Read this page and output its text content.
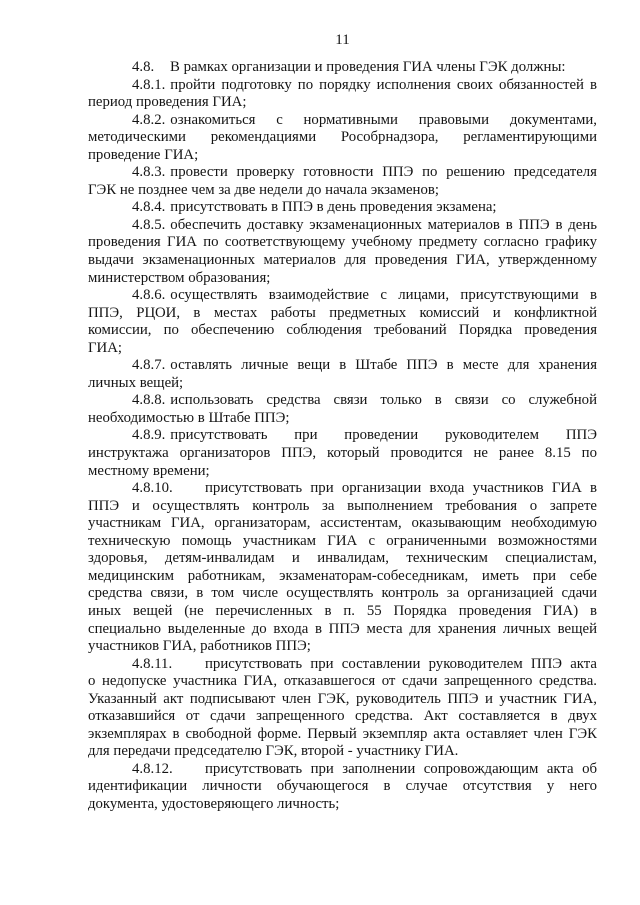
11
4.8. В рамках организации и проведения ГИА члены ГЭК должны:
4.8.1. пройти подготовку по порядку исполнения своих обязанностей в
период проведения ГИА;
4.8.2. ознакомиться с нормативными правовыми документами,
методическими рекомендациями Рособрнадзора, регламентирующими
проведение ГИА;
4.8.3. провести проверку готовности ППЭ по решению председателя
ГЭК не позднее чем за две недели до начала экзаменов;
4.8.4. присутствовать в ППЭ в день проведения экзамена;
4.8.5. обеспечить доставку экзаменационных материалов в ППЭ в день
проведения ГИА по соответствующему учебному предмету согласно графику
выдачи экзаменационных материалов для проведения ГИА, утвержденному
министерством образования;
4.8.6. осуществлять взаимодействие с лицами, присутствующими в
ППЭ, РЦОИ, в местах работы предметных комиссий и конфликтной
комиссии, по обеспечению соблюдения требований Порядка проведения
ГИА;
4.8.7. оставлять личные вещи в Штабе ППЭ в месте для хранения
личных вещей;
4.8.8. использовать средства связи только в связи со служебной
необходимостью в Штабе ППЭ;
4.8.9. присутствовать при проведении руководителем ППЭ
инструктажа организаторов ППЭ, который проводится не ранее 8.15 по
местному времени;
4.8.10. присутствовать при организации входа участников ГИА в
ППЭ и осуществлять контроль за выполнением требования о запрете
участникам ГИА, организаторам, ассистентам, оказывающим необходимую
техническую помощь участникам ГИА с ограниченными возможностями
здоровья, детям-инвалидам и инвалидам, техническим специалистам,
медицинским работникам, экзаменаторам-собеседникам, иметь при себе
средства связи, в том числе осуществлять контроль за организацией сдачи
иных вещей (не перечисленных в п. 55 Порядка проведения ГИА) в
специально выделенные до входа в ППЭ места для хранения личных вещей
участников ГИА, работников ППЭ;
4.8.11. присутствовать при составлении руководителем ППЭ акта
о недопуске участника ГИА, отказавшегося от сдачи запрещенного средства.
Указанный акт подписывают член ГЭК, руководитель ППЭ и участник ГИА,
отказавшийся от сдачи запрещенного средства. Акт составляется в двух
экземплярах в свободной форме. Первый экземпляр акта оставляет член ГЭК
для передачи председателю ГЭК, второй - участнику ГИА.
4.8.12. присутствовать при заполнении сопровождающим акта об
идентификации личности обучающегося в случае отсутствия у него
документа, удостоверяющего личность;
